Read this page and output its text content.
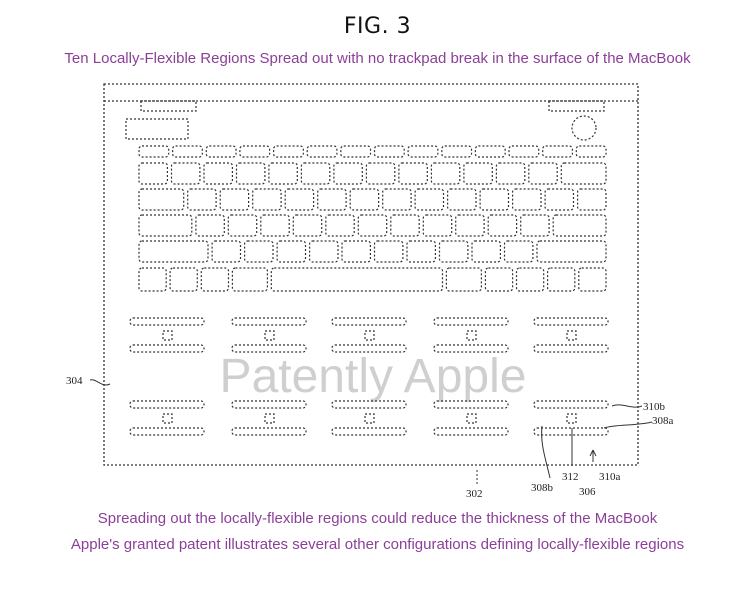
FIG. 3
Ten Locally-Flexible Regions Spread out with no trackpad break in the surface of the MacBook
Patently Apple
304
302
310b
308a
308b
312 310a
306
Spreading out the locally-flexible regions could reduce the thickness of the MacBook
Apple's granted patent illustrates several other configurations defining locally-flexible regions
